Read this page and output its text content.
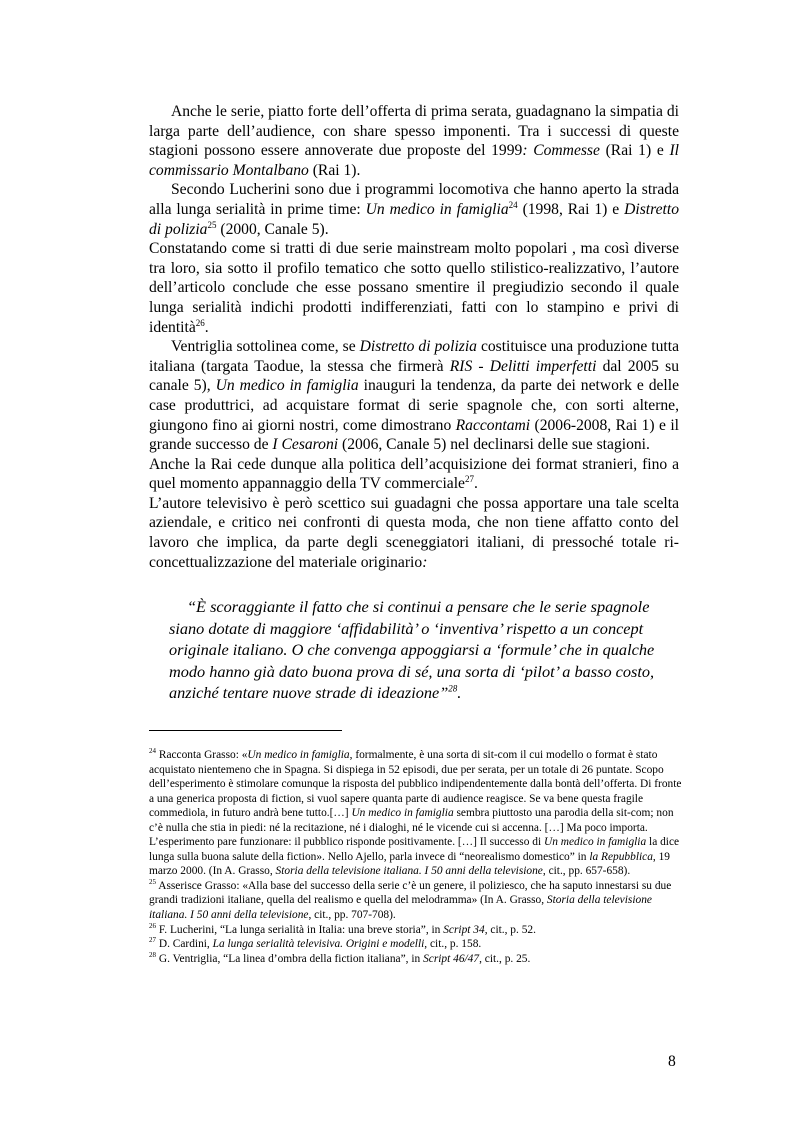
Anche le serie, piatto forte dell’offerta di prima serata, guadagnano la simpatia di larga parte dell’audience, con share spesso imponenti. Tra i successi di queste stagioni possono essere annoverate due proposte del 1999: Commesse (Rai 1) e Il commissario Montalbano (Rai 1).

Secondo Lucherini sono due i programmi locomotiva che hanno aperto la strada alla lunga serialità in prime time: Un medico in famiglia$^{24}$ (1998, Rai 1) e Distretto di polizia$^{25}$ (2000, Canale 5).

Constatando come si tratti di due serie mainstream molto popolari , ma così diverse tra loro, sia sotto il profilo tematico che sotto quello stilistico-realizzativo, l’autore dell’articolo conclude che esse possano smentire il pregiudizio secondo il quale lunga serialità indichi prodotti indifferenziati, fatti con lo stampino e privi di identità$^{26}$.

Ventriglia sottolinea come, se Distretto di polizia costituisce una produzione tutta italiana (targata Taodue, la stessa che firmerà RIS - Delitti imperfetti dal 2005 su canale 5), Un medico in famiglia inauguri la tendenza, da parte dei network e delle case produttrici, ad acquistare format di serie spagnole che, con sorti alterne, giungono fino ai giorni nostri, come dimostrano Raccontami (2006-2008, Rai 1) e il grande successo de I Cesaroni (2006, Canale 5) nel declinarsi delle sue stagioni.

Anche la Rai cede dunque alla politica dell’acquisizione dei format stranieri, fino a quel momento appannaggio della TV commerciale$^{27}$.

L’autore televisivo è però scettico sui guadagni che possa apportare una tale scelta aziendale, e critico nei confronti di questa moda, che non tiene affatto conto del lavoro che implica, da parte degli sceneggiatori italiani, di pressoché totale ri-concettualizzazione del materiale originario:

“È scoraggiante il fatto che si continui a pensare che le serie spagnole siano dotate di maggiore ‘affidabilità’ o ‘inventiva’ rispetto a un concept originale italiano. O che convenga appoggiarsi a ‘formule’ che in qualche modo hanno già dato buona prova di sé, una sorta di ‘pilot’ a basso costo, anziché tentare nuove strade di ideazione”$^{28}$.

$^{24}$ Racconta Grasso: «Un medico in famiglia, formalmente, è una sorta di sit-com il cui modello o format è stato acquistato nientemeno che in Spagna. Si dispiega in 52 episodi, due per serata, per un totale di 26 puntate. Scopo dell’esperimento è stimolare comunque la risposta del pubblico indipendentemente dalla bontà dell’offerta. Di fronte a una generica proposta di fiction, si vuol sapere quanta parte di audience reagisce. Se va bene questa fragile commediola, in futuro andrà bene tutto.[…] Un medico in famiglia sembra piuttosto una parodia della sit-com; non c’è nulla che stia in piedi: né la recitazione, né i dialoghi, né le vicende cui si accenna. […] Ma poco importa. L’esperimento pare funzionare: il pubblico risponde positivamente. […] Il successo di Un medico in famiglia la dice lunga sulla buona salute della fiction». Nello Ajello, parla invece di “neorealismo domestico” in la Repubblica, 19 marzo 2000. (In A. Grasso, Storia della televisione italiana. I 50 anni della televisione, cit., pp. 657-658).

$^{25}$ Asserisce Grasso: «Alla base del successo della serie c’è un genere, il poliziesco, che ha saputo innestarsi su due grandi tradizioni italiane, quella del realismo e quella del melodramma» (In A. Grasso, Storia della televisione italiana. I 50 anni della televisione, cit., pp. 707-708).

$^{26}$ F. Lucherini, “La lunga serialità in Italia: una breve storia”, in Script 34, cit., p. 52.

$^{27}$ D. Cardini, La lunga serialità televisiva. Origini e modelli, cit., p. 158.

$^{28}$ G. Ventriglia, “La linea d’ombra della fiction italiana”, in Script 46/47, cit., p. 25.

8
